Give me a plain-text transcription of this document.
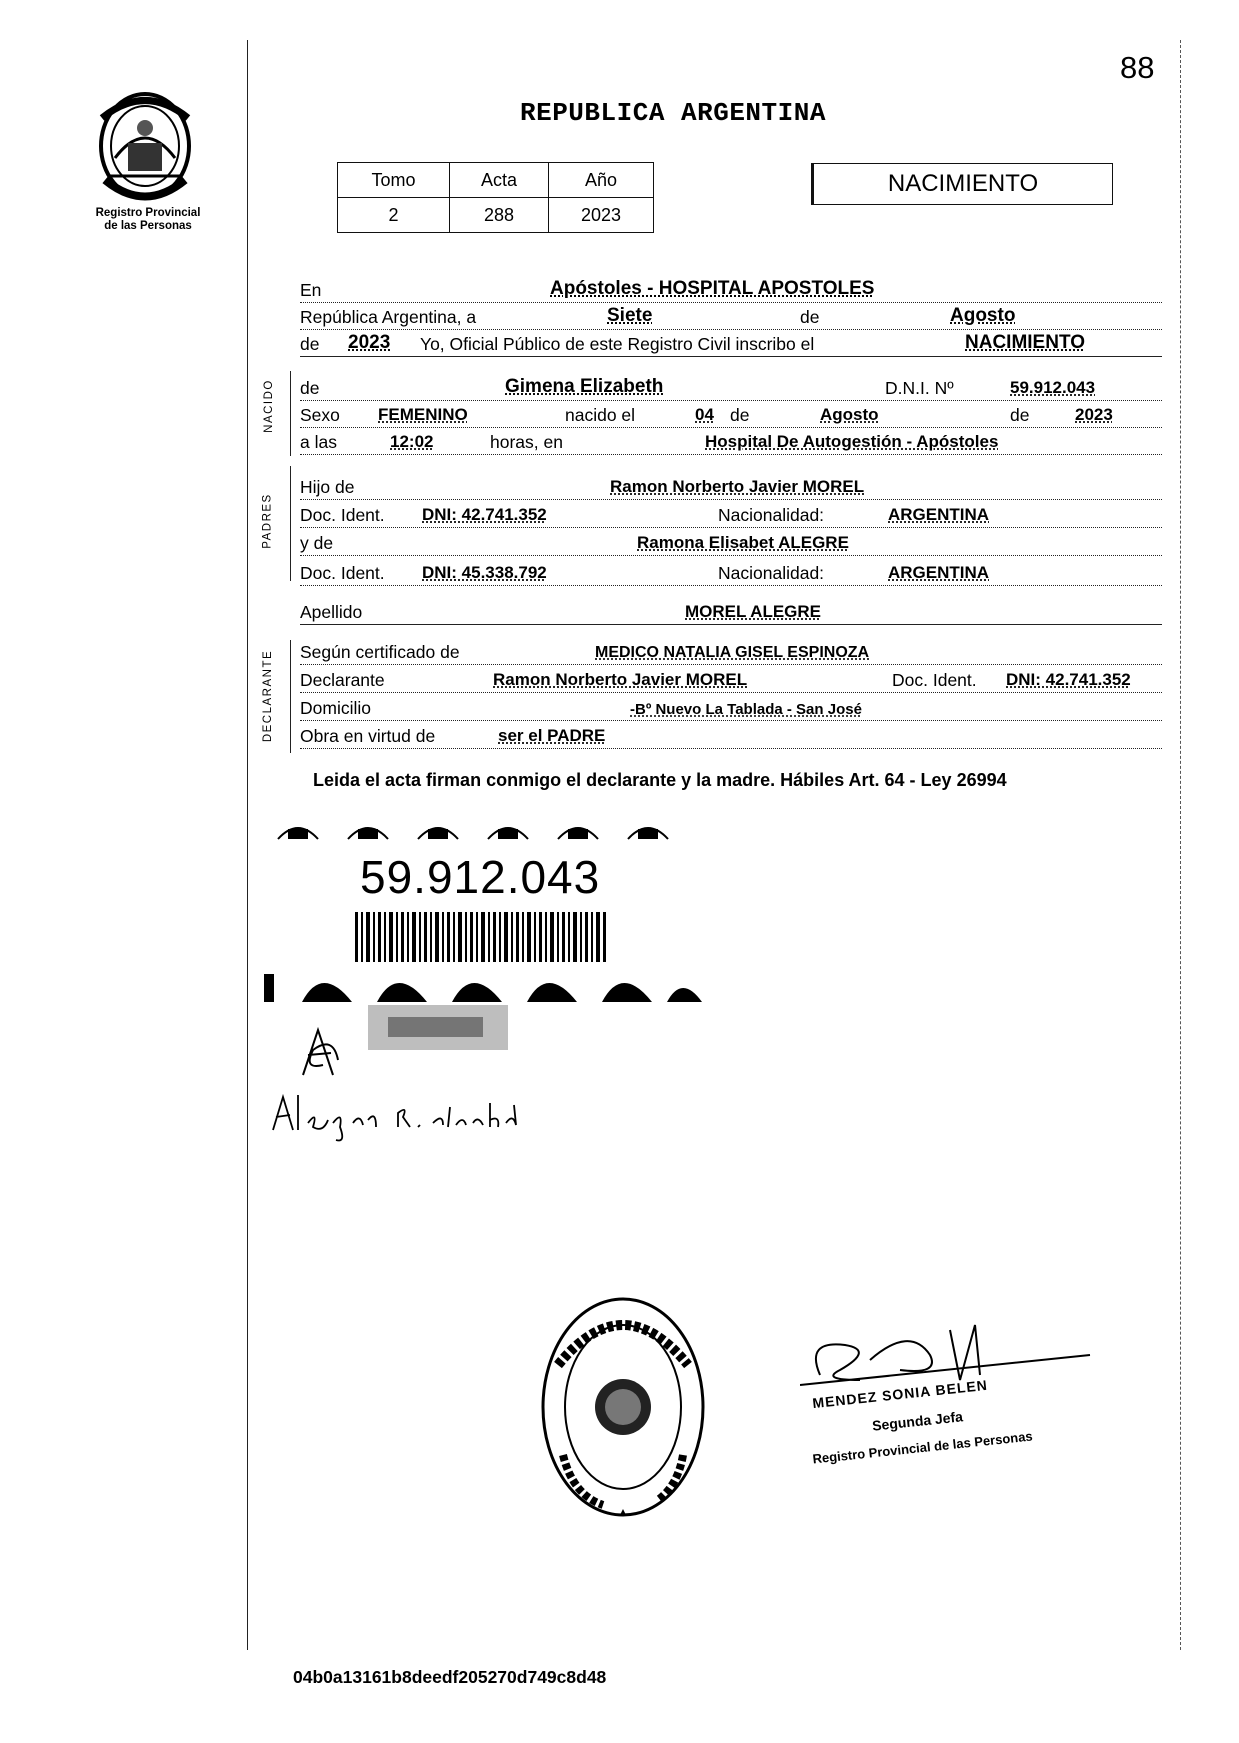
88
Registro Provincial
de las Personas
REPUBLICA ARGENTINA
Tomo	Acta	Año
2	288	2023
NACIMIENTO
En	Apóstoles - HOSPITAL APOSTOLES
República Argentina, a	Siete	de	Agosto
de 2023 Yo, Oficial Público de este Registro Civil inscribo el	NACIMIENTO
NACIDO de	Gimena Elizabeth	D.N.I. Nº	59.912.043
Sexo FEMENINO	nacido el	04 de	Agosto	de	2023
a las	12:02	horas, en	Hospital De Autogestión - Apóstoles
PADRES
Hijo de	Ramon Norberto Javier MOREL
Doc. Ident. DNI: 42.741.352	Nacionalidad:	ARGENTINA
y de	Ramona Elisabet ALEGRE
Doc. Ident. DNI: 45.338.792	Nacionalidad:	ARGENTINA
Apellido	MOREL ALEGRE
DECLARANTE Según certificado de	MEDICO NATALIA GISEL ESPINOZA
Declarante	Ramon Norberto Javier MOREL	Doc. Ident. DNI: 42.741.352
Domicilio	-Bº Nuevo La Tablada - San José
Obra en virtud de	ser el PADRE
Leida el acta firman conmigo el declarante y la madre. Hábiles Art. 64 - Ley 26994
59.912.043
MENDEZ SONIA BELEN
Segunda Jefa
Registro Provincial de las Personas
04b0a13161b8deedf205270d749c8d48
